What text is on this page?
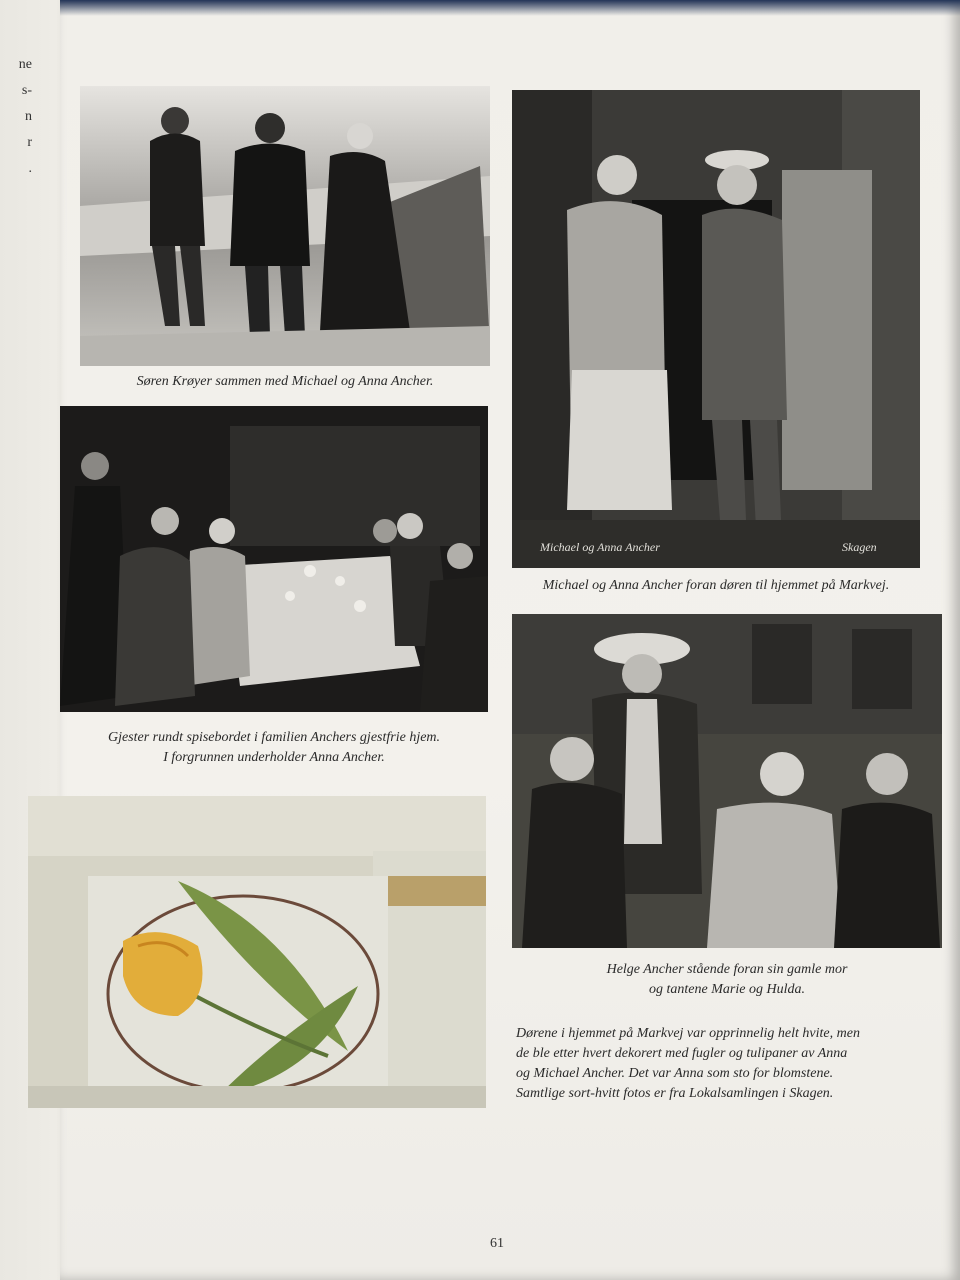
ne
s-
n
r
.
Søren Krøyer sammen med Michael og Anna Ancher.
Michael og Anna Ancher	Skagen
Michael og Anna Ancher foran døren til hjemmet på Markvej.
Gjester rundt spisebordet i familien Anchers gjestfrie hjem.
I forgrunnen underholder Anna Ancher.
Helge Ancher stående foran sin gamle mor
og tantene Marie og Hulda.
Dørene i hjemmet på Markvej var opprinnelig helt hvite, men
de ble etter hvert dekorert med fugler og tulipaner av Anna
og Michael Ancher. Det var Anna som sto for blomstene.
Samtlige sort-hvitt fotos er fra Lokalsamlingen i Skagen.
61
